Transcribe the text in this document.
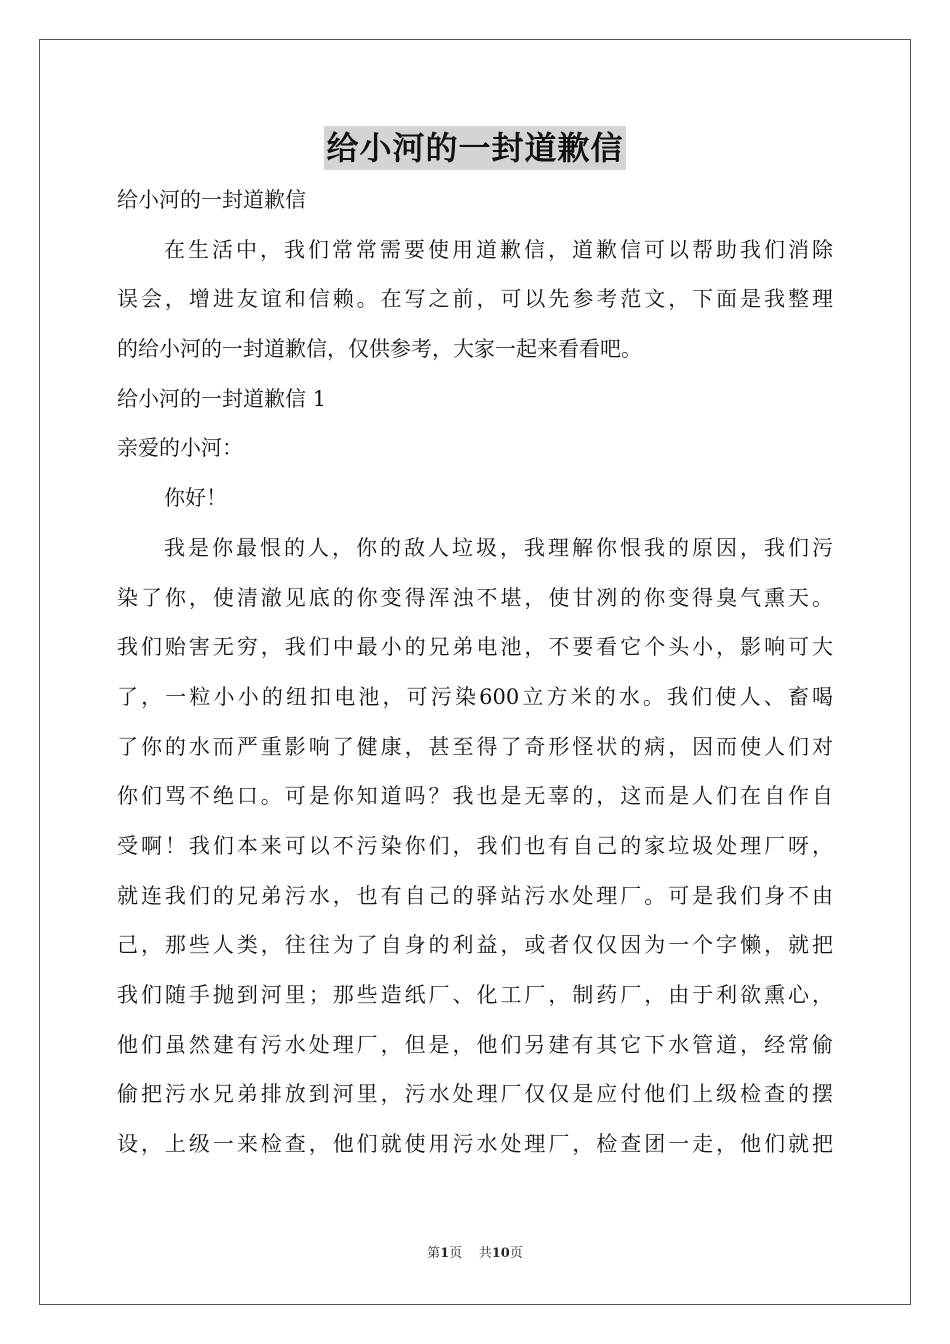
给小河的一封道歉信
给小河的一封道歉信
在生活中，我们常常需要使用道歉信，道歉信可以帮助我们消除
误会，增进友谊和信赖。在写之前，可以先参考范文，下面是我整理
的给小河的一封道歉信，仅供参考，大家一起来看看吧。
给小河的一封道歉信 1
亲爱的小河：
你好！
我是你最恨的人，你的敌人垃圾，我理解你恨我的原因，我们污
染了你，使清澈见底的你变得浑浊不堪，使甘冽的你变得臭气熏天。
我们贻害无穷，我们中最小的兄弟电池，不要看它个头小，影响可大
了，一粒小小的纽扣电池，可污染600立方米的水。我们使人、畜喝
了你的水而严重影响了健康，甚至得了奇形怪状的病，因而使人们对
你们骂不绝口。可是你知道吗？我也是无辜的，这而是人们在自作自
受啊！我们本来可以不污染你们，我们也有自己的家垃圾处理厂呀，
就连我们的兄弟污水，也有自己的驿站污水处理厂。可是我们身不由
己，那些人类，往往为了自身的利益，或者仅仅因为一个字懒，就把
我们随手抛到河里；那些造纸厂、化工厂，制药厂，由于利欲熏心，
他们虽然建有污水处理厂，但是，他们另建有其它下水管道，经常偷
偷把污水兄弟排放到河里，污水处理厂仅仅是应付他们上级检查的摆
设，上级一来检查，他们就使用污水处理厂，检查团一走，他们就把
第1页 共10页
